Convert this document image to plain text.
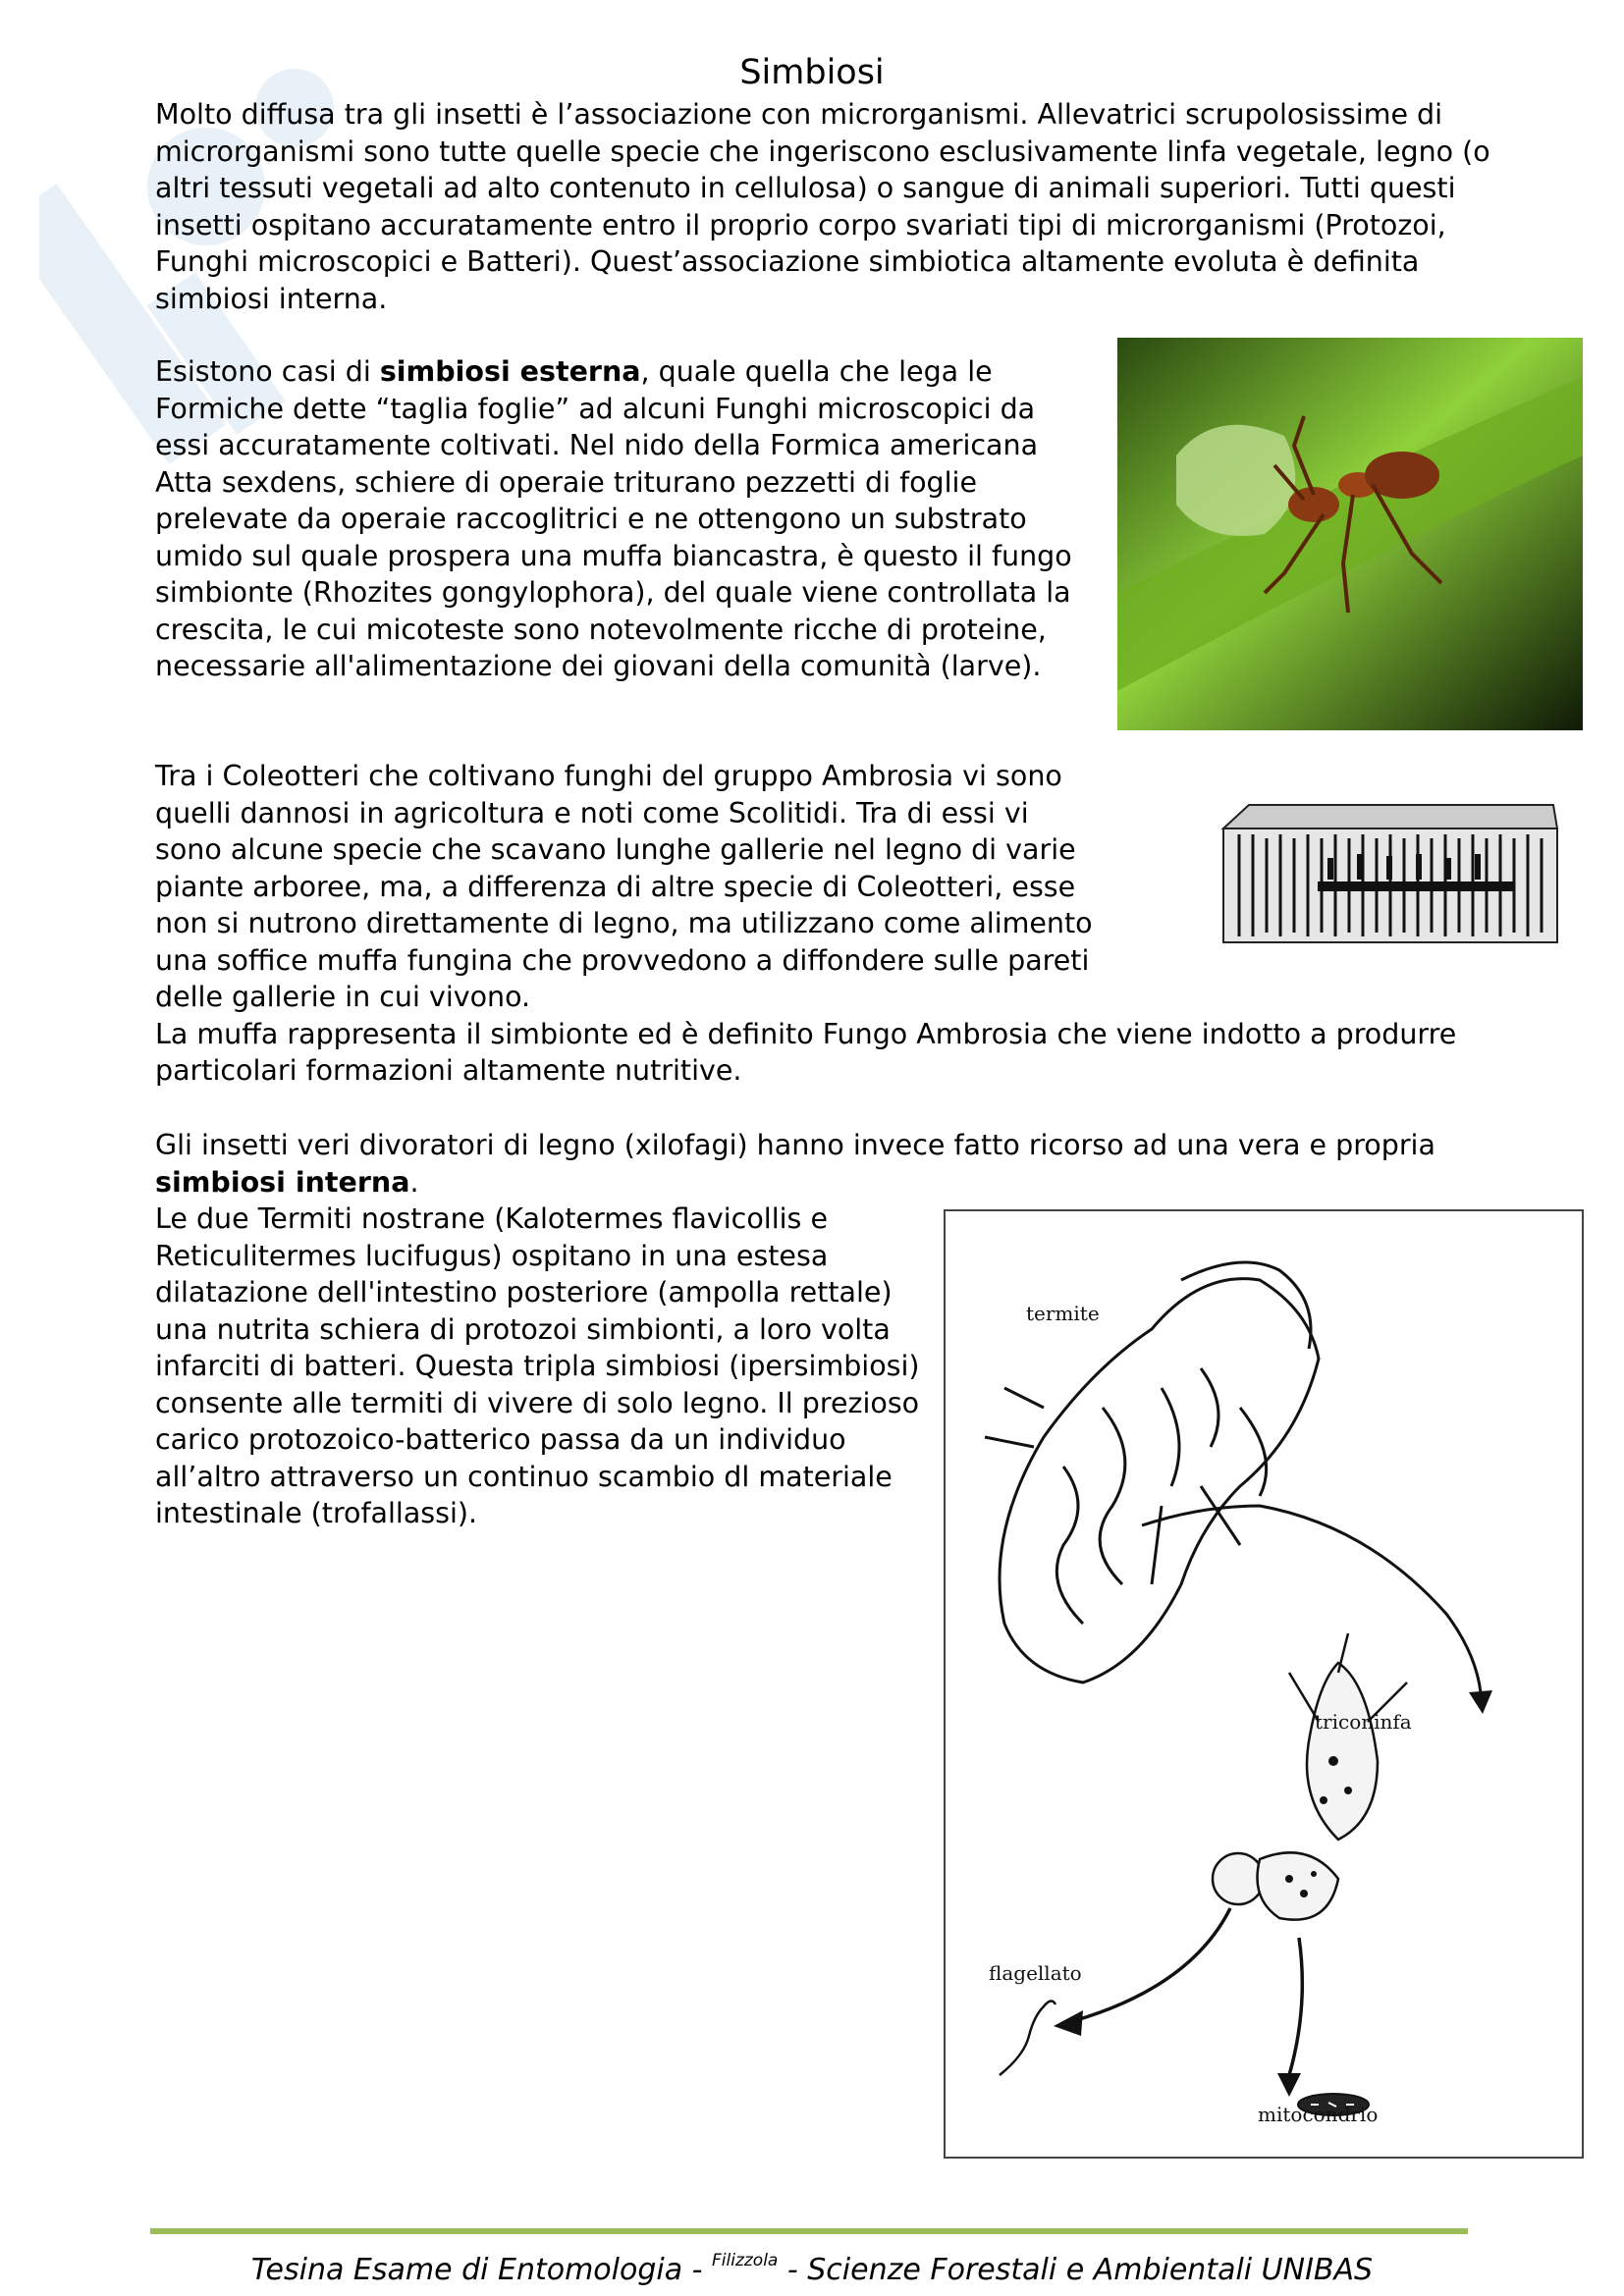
Simbiosi

Molto diffusa tra gli insetti è l’associazione con microrganismi. Allevatrici scrupolosissime di microrganismi sono tutte quelle specie che ingeriscono esclusivamente linfa vegetale, legno (o altri tessuti vegetali ad alto contenuto in cellulosa) o sangue di animali superiori. Tutti questi insetti ospitano accuratamente entro il proprio corpo svariati tipi di microrganismi (Protozoi, Funghi microscopici e Batteri). Quest’associazione simbiotica altamente evoluta è definita simbiosi interna.

Esistono casi di simbiosi esterna, quale quella che lega le Formiche dette “taglia foglie” ad alcuni Funghi microscopici da essi accuratamente coltivati. Nel nido della Formica americana Atta sexdens, schiere di operaie triturano pezzetti di foglie prelevate da operaie raccoglitrici e ne ottengono un substrato umido sul quale prospera una muffa biancastra, è questo il fungo simbionte (Rhozites gongylophora), del quale viene controllata la crescita, le cui micoteste sono notevolmente ricche di proteine, necessarie all'alimentazione dei giovani della comunità (larve).

Tra i Coleotteri che coltivano funghi del gruppo Ambrosia vi sono
quelli dannosi in agricoltura e noti come Scolitidi. Tra di essi vi
sono alcune specie che scavano lunghe gallerie nel legno di varie
piante arboree, ma, a differenza di altre specie di Coleotteri, esse
non si nutrono direttamente di legno, ma utilizzano come alimento
una soffice muffa fungina che provvedono a diffondere sulle pareti
delle gallerie in cui vivono.
La muffa rappresenta il simbionte ed è definito Fungo Ambrosia che viene indotto a produrre particolari formazioni altamente nutritive.

Gli insetti veri divoratori di legno (xilofagi) hanno invece fatto ricorso ad una vera e propria simbiosi interna.

Le due Termiti nostrane (Kalotermes flavicollis e Reticulitermes lucifugus) ospitano in una estesa dilatazione dell'intestino posteriore (ampolla rettale) una nutrita schiera di protozoi simbionti, a loro volta infarciti di batteri. Questa tripla simbiosi (ipersimbiosi) consente alle termiti di vivere di solo legno. Il prezioso carico protozoico-batterico passa da un individuo all’altro attraverso un continuo scambio dl materiale intestinale (trofallassi).

termite
triconinfa
flagellato
mitocondrio
Tesina Esame di Entomologia - $^{Filizzola}$ - Scienze Forestali e Ambientali UNIBAS
